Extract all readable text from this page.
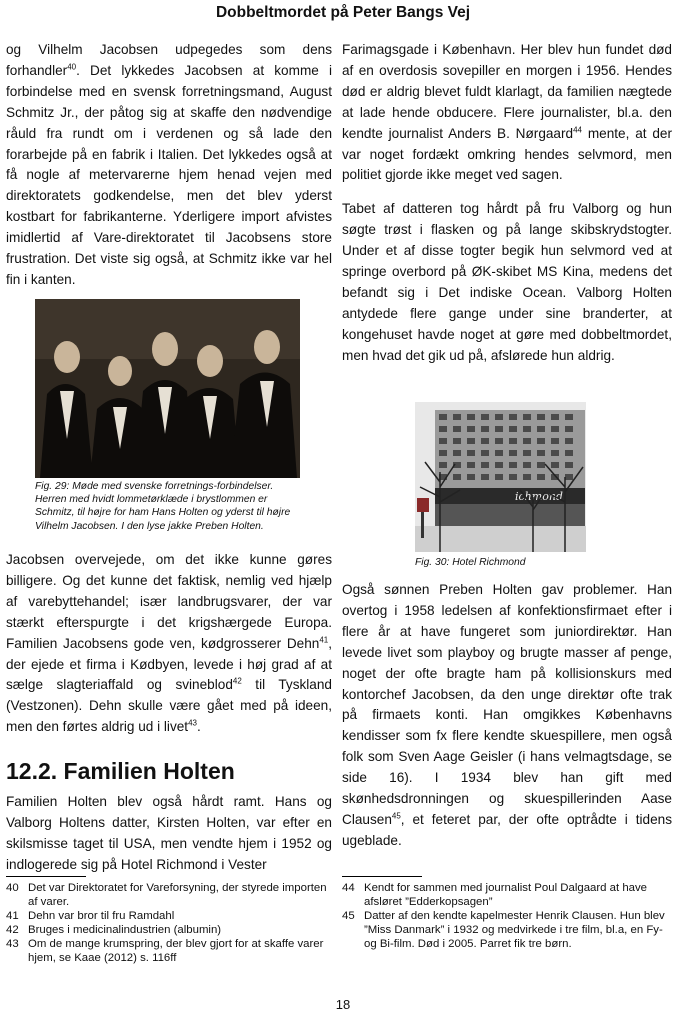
Dobbeltmordet på Peter Bangs Vej

og Vilhelm Jacobsen udpegedes som dens forhandler$^{40}$. Det lykkedes Jacobsen at komme i forbindelse med en svensk forretningsmand, August Schmitz Jr., der påtog sig at skaffe den nødvendige råuld fra rundt om i verdenen og så lade den forarbejde på en fabrik i Italien. Det lykkedes også at få nogle af metervarerne hjem henad vejen med direktoratets godkendelse, men det blev yderst kostbart for fabrikanterne. Yderligere import afvistes imidlertid af Vare-direktoratet til Jacobsens store frustration. Det viste sig også, at Schmitz ikke var hel fin i kanten.

Fig. 29: Møde med svenske forretnings-forbindelser. Herren med hvidt lommetørklæde i brystlommen er Schmitz, til højre for ham Hans Holten og yderst til højre Vilhelm Jacobsen. I den lyse jakke Preben Holten.

Jacobsen overvejede, om det ikke kunne gøres billigere. Og det kunne det faktisk, nemlig ved hjælp af varebyttehandel; især landbrugsvarer, der var stærkt efterspurgte i det krigshærgede Europa. Familien Jacobsens gode ven, kødgrosserer Dehn$^{41}$, der ejede et firma i Kødbyen, levede i høj grad af at sælge slagteriaffald og svineblod$^{42}$ til Tyskland (Vestzonen). Dehn skulle være gået med på ideen, men den førtes aldrig ud i livet$^{43}$.

12.2. Familien Holten

Familien Holten blev også hårdt ramt. Hans og Valborg Holtens datter, Kirsten Holten, var efter en skilsmisse taget til USA, men vendte hjem i 1952 og indlogerede sig på Hotel Richmond i Vester

Farimagsgade i København. Her blev hun fundet død af en overdosis sovepiller en morgen i 1956. Hendes død er aldrig blevet fuldt klarlagt, da familien nægtede at lade hende obducere. Flere journalister, bl.a. den kendte journalist Anders B. Nørgaard$^{44}$ mente, at der var noget fordækt omkring hendes selvmord, men politiet gjorde ikke meget ved sagen.

Tabet af datteren tog hårdt på fru Valborg og hun søgte trøst i flasken og på lange skibskrydstogter. Under et af disse togter begik hun selvmord ved at springe overbord på ØK-skibet MS Kina, medens det befandt sig i Det indiske Ocean. Valborg Holten antydede flere gange under sine branderter, at kongehuset havde noget at gøre med dobbeltmordet, men hvad det gik ud på, afslørede hun aldrig.

ichmond
Fig. 30: Hotel Richmond

Også sønnen Preben Holten gav problemer. Han overtog i 1958 ledelsen af konfektionsfirmaet efter i flere år at have fungeret som juniordirektør. Han levede livet som playboy og brugte masser af penge, noget der ofte bragte ham på kollisionskurs med kontorchef Jacobsen, da den unge direktør ofte trak på firmaets konti. Han omgikkes Københavns kendisser som fx flere kendte skuespillere, men også folk som Sven Aage Geisler (i hans velmagtsdage, se side 16). I 1934 blev han gift med skønhedsdronningen og skuespillerinden Aase Clausen$^{45}$, et feteret par, der ofte optrådte i tidens ugeblade.

40 Det var Direktoratet for Vareforsyning, der styrede importen af varer.
41 Dehn var bror til fru Ramdahl
42 Bruges i medicinalindustrien (albumin)
43 Om de mange krumspring, der blev gjort for at skaffe varer hjem, se Kaae (2012) s. 116ff
44 Kendt for sammen med journalist Poul Dalgaard at have afsløret ”Edderkopsagen”
45 Datter af den kendte kapelmester Henrik Clausen. Hun blev ”Miss Danmark” i 1932 og medvirkede i tre film, bl.a, en Fy- og Bi-film. Død i 2005. Parret fik tre børn.
18
